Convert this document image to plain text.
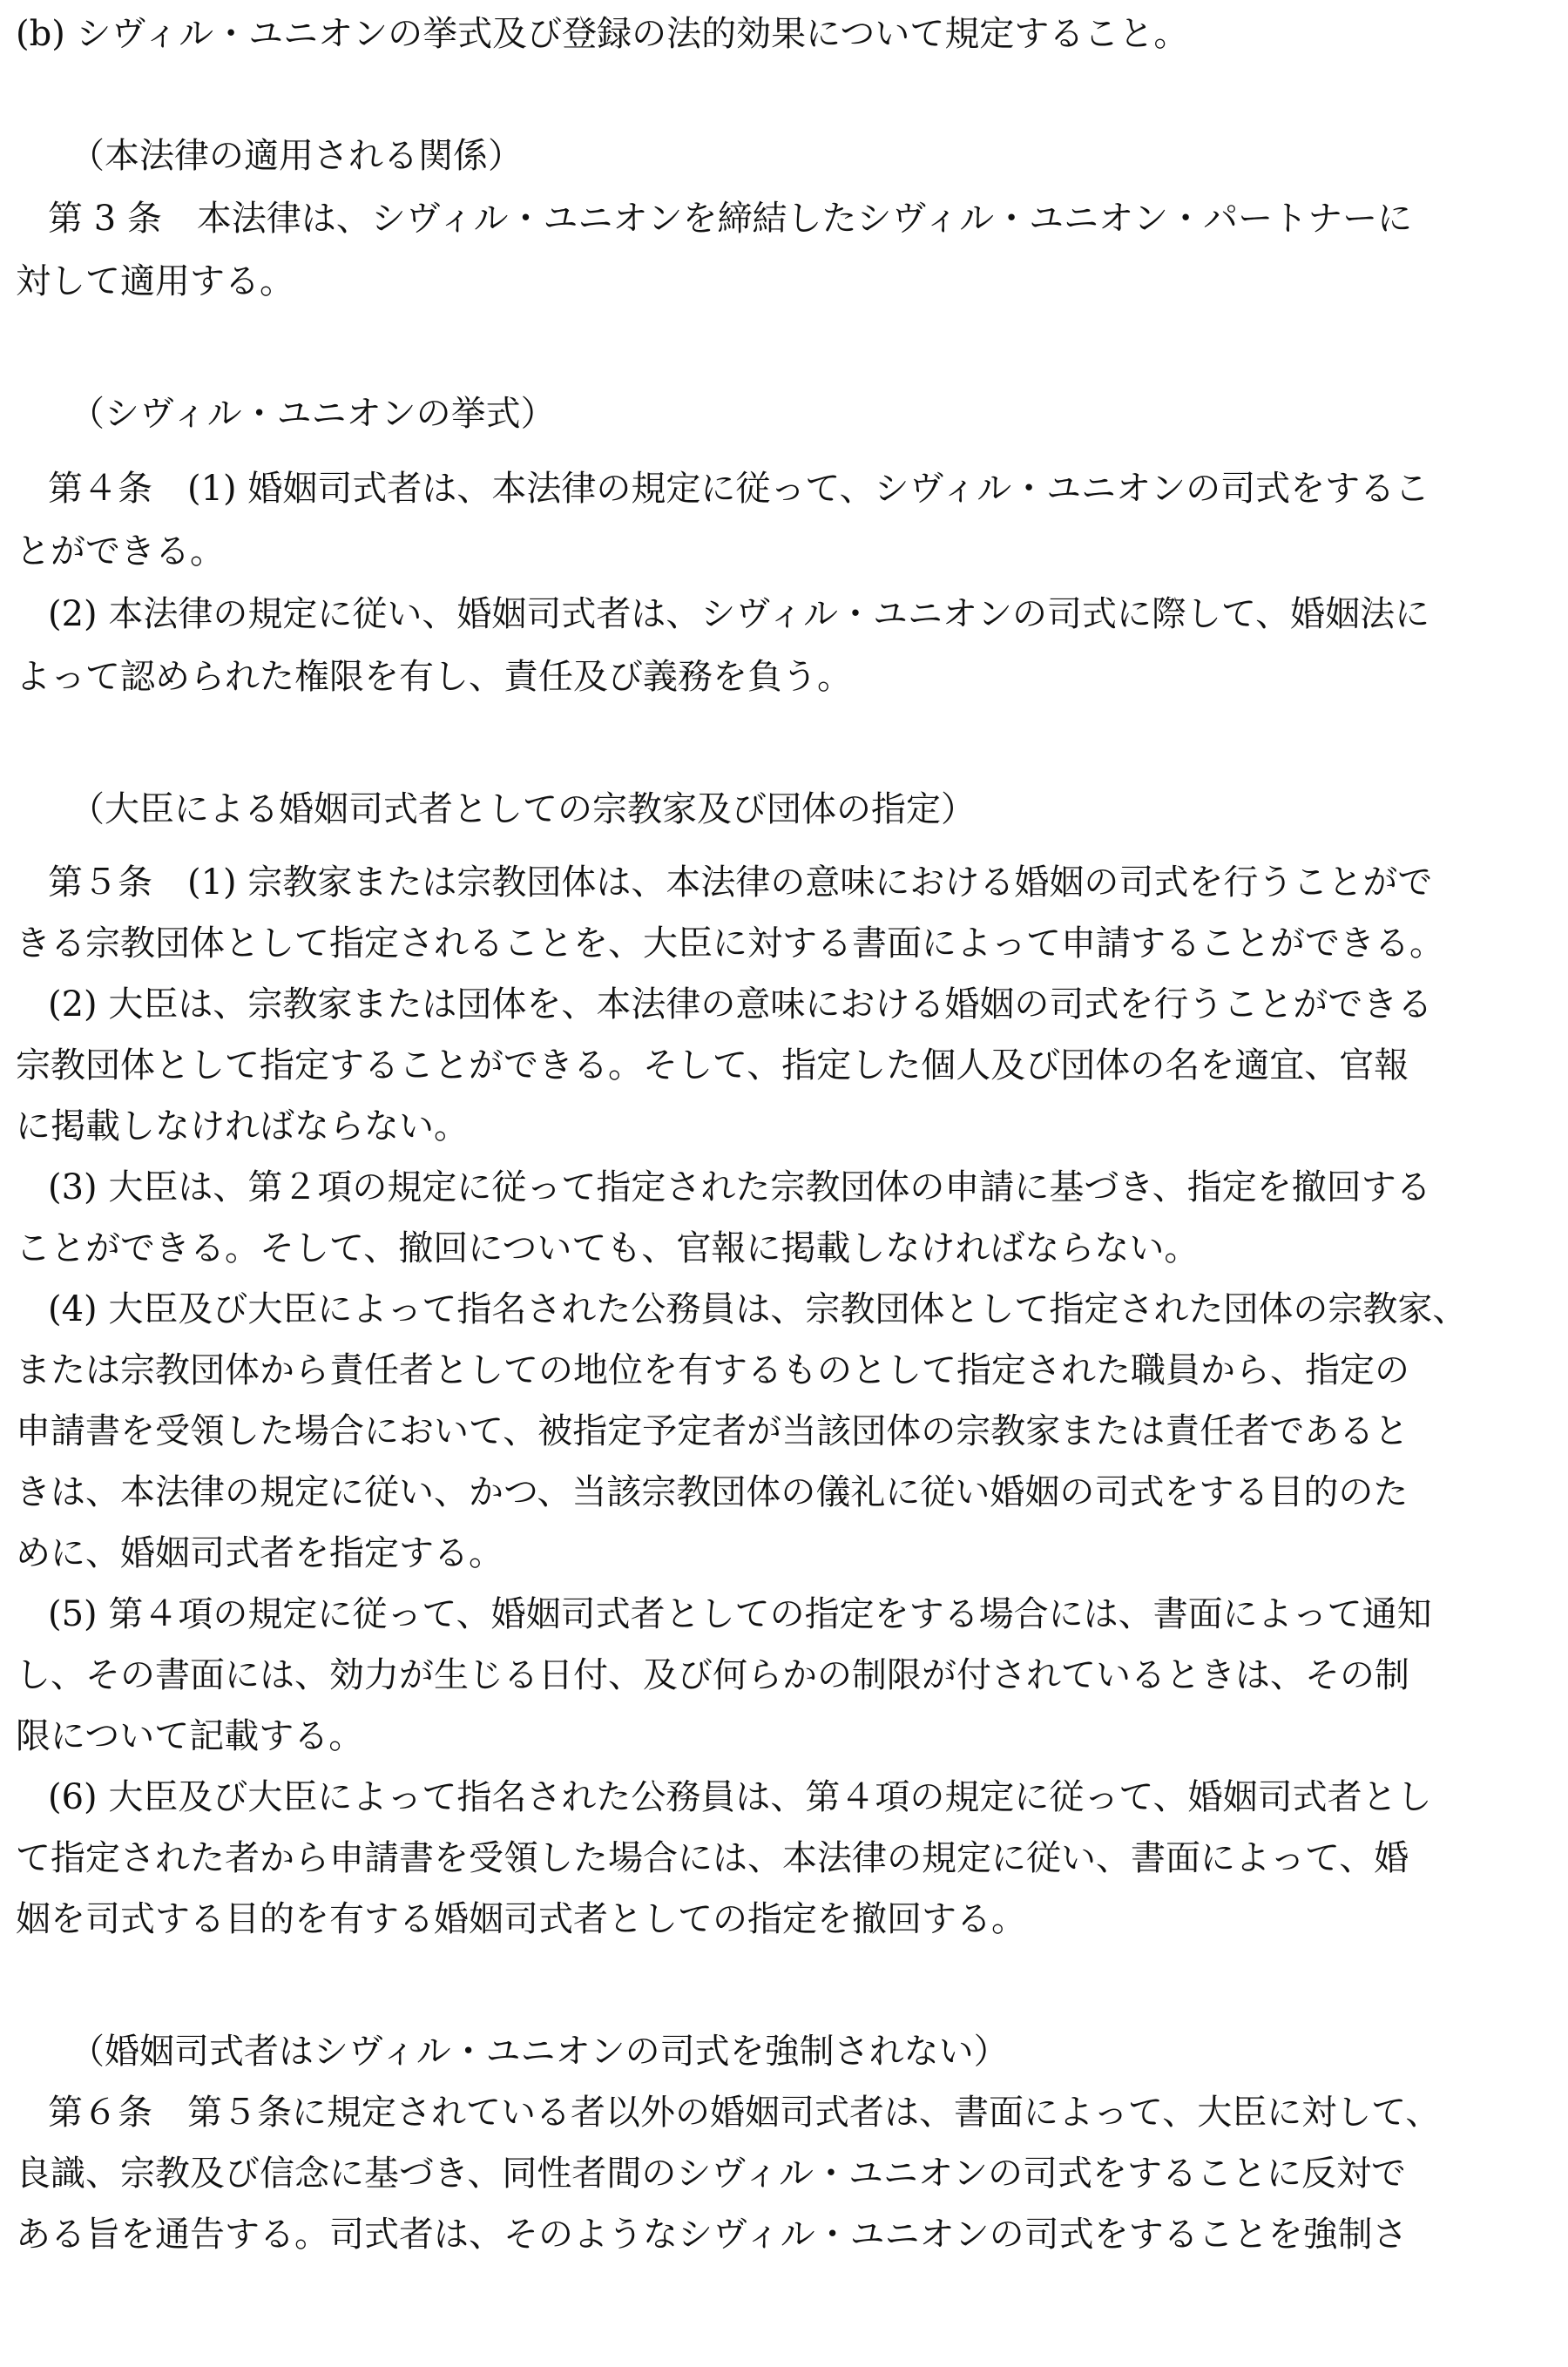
(b) シヴィル・ユニオンの挙式及び登録の法的効果について規定すること。
（本法律の適用される関係）
第 3 条　本法律は、シヴィル・ユニオンを締結したシヴィル・ユニオン・パートナーに
対して適用する。
（シヴィル・ユニオンの挙式）
第４条　(1) 婚姻司式者は、本法律の規定に従って、シヴィル・ユニオンの司式をするこ
とができる。
(2) 本法律の規定に従い、婚姻司式者は、シヴィル・ユニオンの司式に際して、婚姻法に
よって認められた権限を有し、責任及び義務を負う。
（大臣による婚姻司式者としての宗教家及び団体の指定）
第５条　(1) 宗教家または宗教団体は、本法律の意味における婚姻の司式を行うことがで
きる宗教団体として指定されることを、大臣に対する書面によって申請することができる。
(2) 大臣は、宗教家または団体を、本法律の意味における婚姻の司式を行うことができる
宗教団体として指定することができる。そして、指定した個人及び団体の名を適宜、官報
に掲載しなければならない。
(3) 大臣は、第２項の規定に従って指定された宗教団体の申請に基づき、指定を撤回する
ことができる。そして、撤回についても、官報に掲載しなければならない。
(4) 大臣及び大臣によって指名された公務員は、宗教団体として指定された団体の宗教家、
または宗教団体から責任者としての地位を有するものとして指定された職員から、指定の
申請書を受領した場合において、被指定予定者が当該団体の宗教家または責任者であると
きは、本法律の規定に従い、かつ、当該宗教団体の儀礼に従い婚姻の司式をする目的のた
めに、婚姻司式者を指定する。
(5) 第４項の規定に従って、婚姻司式者としての指定をする場合には、書面によって通知
し、その書面には、効力が生じる日付、及び何らかの制限が付されているときは、その制
限について記載する。
(6) 大臣及び大臣によって指名された公務員は、第４項の規定に従って、婚姻司式者とし
て指定された者から申請書を受領した場合には、本法律の規定に従い、書面によって、婚
姻を司式する目的を有する婚姻司式者としての指定を撤回する。
（婚姻司式者はシヴィル・ユニオンの司式を強制されない）
第６条　第５条に規定されている者以外の婚姻司式者は、書面によって、大臣に対して、
良識、宗教及び信念に基づき、同性者間のシヴィル・ユニオンの司式をすることに反対で
ある旨を通告する。司式者は、そのようなシヴィル・ユニオンの司式をすることを強制さ
